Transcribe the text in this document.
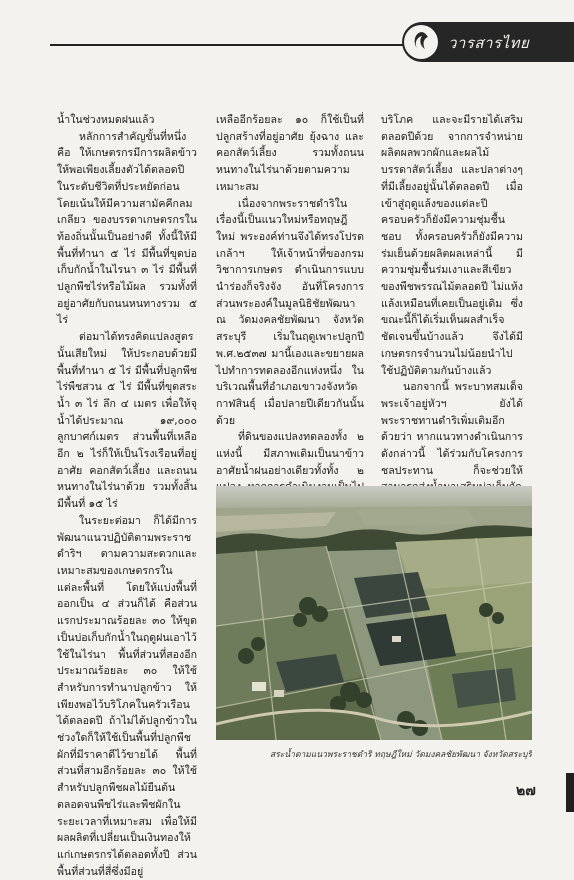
วารสารไทย

น้ำในช่วงหมดฝนแล้ว

หลักการสำคัญขั้นที่หนึ่งคือ ให้เกษตรกรมีการผลิตข้าวให้พอเพียงเลี้ยงตัวได้ตลอดปี ในระดับชีวิตที่ประหยัดก่อน โดยเน้นให้มีความสามัคคีกลมเกลียว ของบรรดาเกษตรกรในท้องถิ่นนั้นเป็นอย่างดี ทั้งนี้ให้มีพื้นที่ทำนา ๕ ไร่ มีพื้นที่ขุดบ่อเก็บกักน้ำในไรนา ๓ ไร่ มีพื้นที่ปลูกพืชไร่หรือไม้ผล รวมทั้งที่อยู่อาศัยกับถนนหนทางรวม ๕ ไร่

ต่อมาได้ทรงคิดแปลงสูตรนั้นเสียใหม่ ให้ประกอบด้วยมีพื้นที่ทำนา ๕ ไร่ มีพื้นที่ปลูกพืชไร่พืชสวน ๕ ไร่ มีพื้นที่ขุดสระน้ำ ๓ ไร่ ลึก ๔ เมตร เพื่อให้จุน้ำได้ประมาณ ๑๙,๐๐๐ ลูกบาศก์เมตร ส่วนพื้นที่เหลืออีก ๒ ไร่ก็ให้เป็นโรงเรือนที่อยู่อาศัย คอกสัตว์เลี้ยง และถนนหนทางในไร่นาด้วย รวมทั้งสิ้นมีพื้นที่ ๑๕ ไร่

ในระยะต่อมา ก็ได้มีการพัฒนาแนวปฏิบัติตามพระราชดำริฯ ตามความสะดวกและเหมาะสมของเกษตรกรในแต่ละพื้นที่ โดยให้แบ่งพื้นที่ออกเป็น ๔ ส่วนก็ได้ คือส่วนแรกประมาณร้อยละ ๓๐ ให้ขุดเป็นบ่อเก็บกักน้ำในฤดูฝนเอาไว้ใช้ในไร่นา พื้นที่ส่วนที่สองอีกประมาณร้อยละ ๓๐ ให้ใช้สำหรับการทำนาปลูกข้าว ให้เพียงพอไว้บริโภคในครัวเรือนได้ตลอดปี ถ้าไม่ได้ปลูกข้าวในช่วงใดก็ให้ใช้เป็นพื้นที่ปลูกพืชผักที่มีราคาดีไว้ขายได้ พื้นที่ส่วนที่สามอีกร้อยละ ๓๐ ให้ใช้สำหรับปลูกพืชผลไม้ยืนต้น ตลอดจนพืชไร่และพืชผักในระยะเวลาที่เหมาะสม เพื่อให้มีผลผลิตที่เปลี่ยนเป็นเงินทองให้แก่เกษตรกรได้ตลอดทั้งปี ส่วนพื้นที่ส่วนที่สี่ซึ่งมีอยู่

เหลืออีกร้อยละ ๑๐ ก็ใช้เป็นที่ปลูกสร้างที่อยู่อาศัย ยุ้งฉาง และคอกสัตว์เลี้ยง รวมทั้งถนนหนทางในไร่นาด้วยตามความเหมาะสม

เนื่องจากพระราชดำริในเรื่องนี้เป็นแนวใหม่หรือทฤษฎีใหม่ พระองค์ท่านจึงได้ทรงโปรดเกล้าฯ ให้เจ้าหน้าที่ของกรมวิชาการเกษตร ดำเนินการแบบนำร่องก็จริงจัง อันที่โครงการส่วนพระองค์ในมูลนิธิชัยพัฒนา ณ วัดมงคลชัยพัฒนา จังหวัดสระบุรี เริ่มในฤดูเพาะปลูกปี พ.ศ.๒๕๓๗ มานี้เองและขยายผลไปทำการทดลองอีกแห่งหนึ่ง ในบริเวณพื้นที่อำเภอเขาวงจังหวัดกาฬสินธุ์ เมื่อปลายปีเดียวกันนั้นด้วย

ที่ดินของแปลงทดลองทั้ง ๒ แห่งนี้ มีสภาพเดิมเป็นนาข้าวอาศัยน้ำฝนอย่างเดียวทั้งทั้ง ๒

บริโภค และจะมีรายได้เสริมตลอดปีด้วย จากการจำหน่ายผลิตผลพวกผักและผลไม้ บรรดาสัตว์เลี้ยง และปลาต่างๆ ที่มีเลี้ยงอยู่นั้นได้ตลอดปี เมื่อเข้าสู่ฤดูแล้งของแต่ละปีครอบครัวก็ยังมีความชุ่มชื้นชอบ ทั้งครอบครัวก็ยังมีความร่มเย็นด้วยผลิตผลเหล่านี้ มีความชุ่มชื้นร่มเงาและสีเขียวของพืชพรรณไม้ตลอดปี ไม่แห้งแล้งเหมือนที่เคยเป็นอยู่เดิม ซึ่งขณะนี้ก็ได้เริ่มเห็นผลสำเร็จชัดเจนขึ้นบ้างแล้ว จึงได้มีเกษตรกรจำนวนไม่น้อยนำไปใช้ปฏิบัติตามกันบ้างแล้ว

นอกจากนี้ พระบาทสมเด็จพระเจ้าอยู่หัวฯ ยังได้พระราชทานดำริเพิ่มเติมอีกด้วยว่า หากแนวทางดำเนินการดังกล่าวนี้ ได้ร่วมกับโครงการชลประทาน ก็จะช่วยให้

สระน้ำตามแนวพระราชดำริ ทฤษฎีใหม่ วัดมงคลชัยพัฒนา จังหวัดสระบุรี
๒๗
